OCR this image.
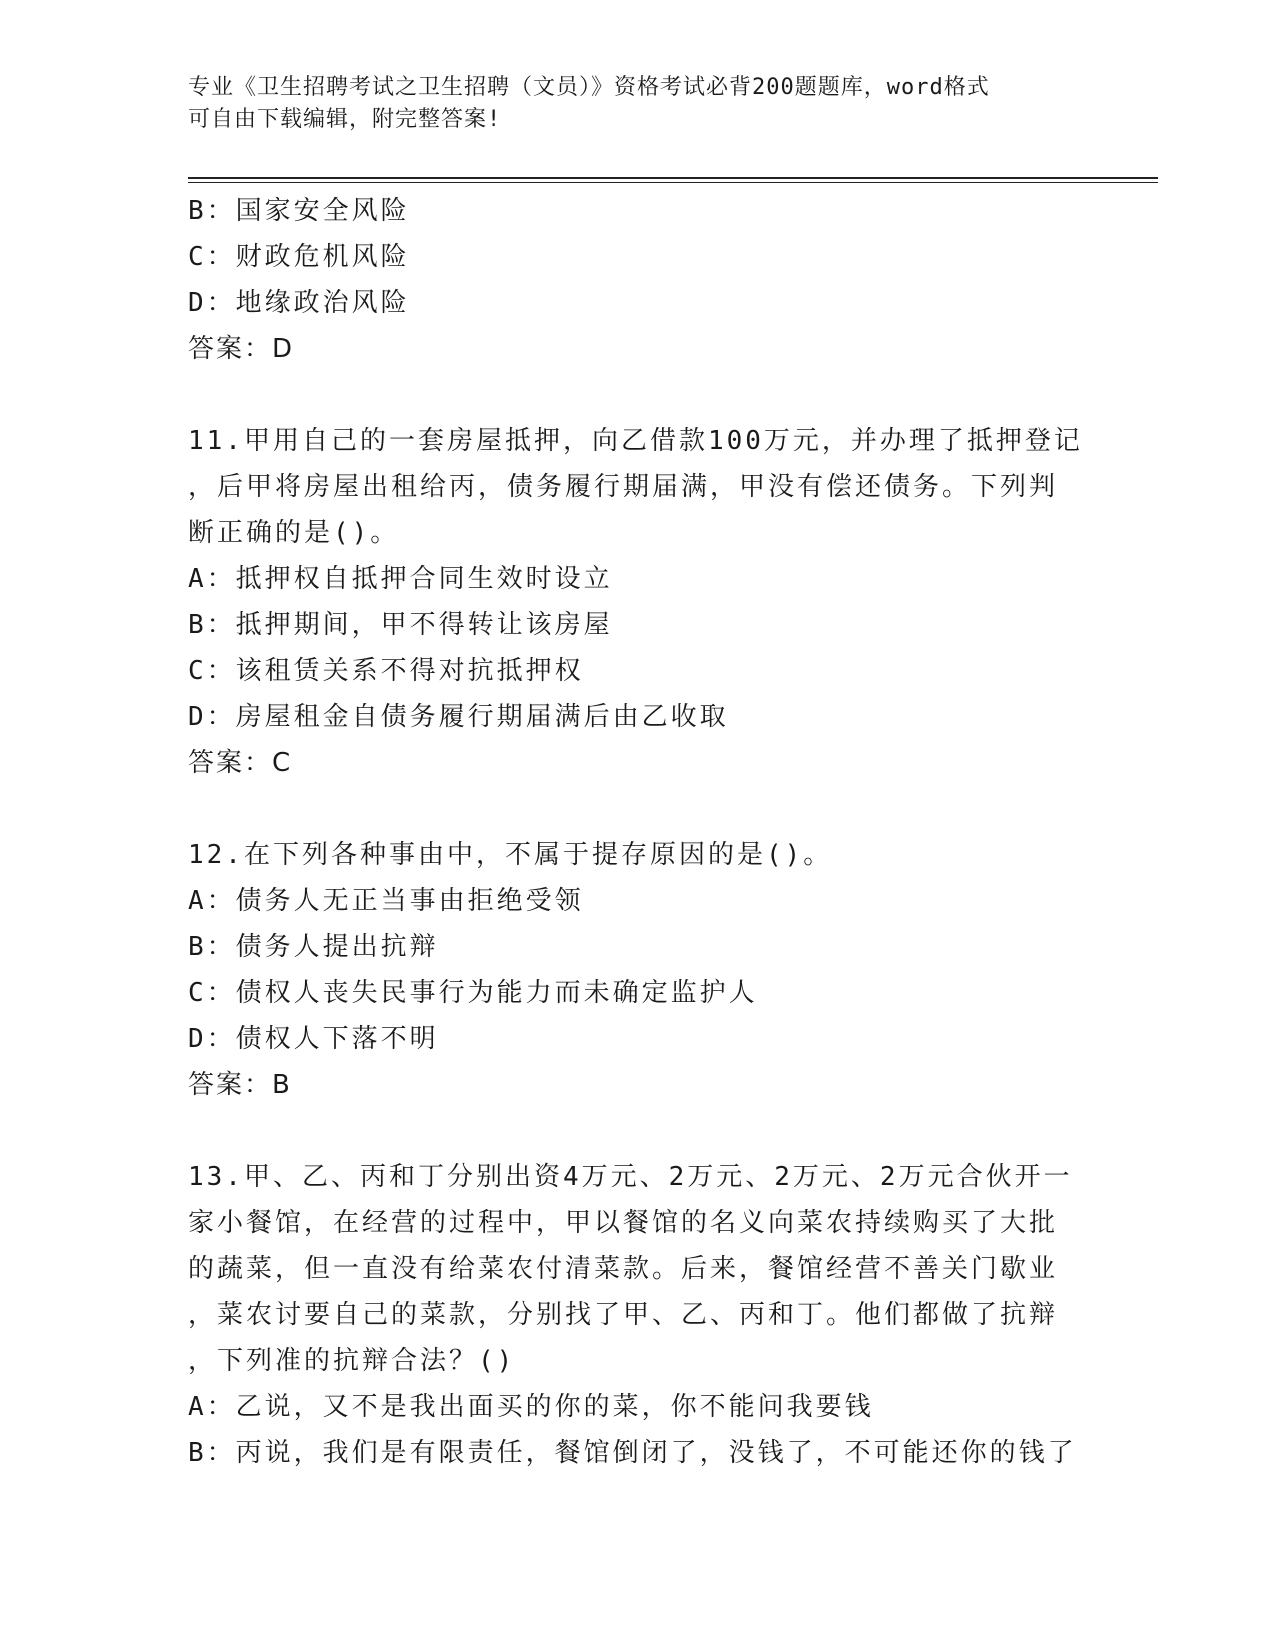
专业《卫生招聘考试之卫生招聘（文员）》资格考试必背200题题库，word格式
可自由下载编辑，附完整答案!
B：国家安全风险
C：财政危机风险
D：地缘政治风险
答案：D
11.甲用自己的一套房屋抵押，向乙借款100万元，并办理了抵押登记
，后甲将房屋出租给丙，债务履行期届满，甲没有偿还债务。下列判
断正确的是()。
A：抵押权自抵押合同生效时设立
B：抵押期间，甲不得转让该房屋
C：该租赁关系不得对抗抵押权
D：房屋租金自债务履行期届满后由乙收取
答案：C
12.在下列各种事由中，不属于提存原因的是()。
A：债务人无正当事由拒绝受领
B：债务人提出抗辩
C：债权人丧失民事行为能力而未确定监护人
D：债权人下落不明
答案：B
13.甲、乙、丙和丁分别出资4万元、2万元、2万元、2万元合伙开一
家小餐馆，在经营的过程中，甲以餐馆的名义向菜农持续购买了大批
的蔬菜，但一直没有给菜农付清菜款。后来，餐馆经营不善关门歇业
，菜农讨要自己的菜款，分别找了甲、乙、丙和丁。他们都做了抗辩
，下列准的抗辩合法？()
A：乙说，又不是我出面买的你的菜，你不能问我要钱
B：丙说，我们是有限责任，餐馆倒闭了，没钱了，不可能还你的钱了
